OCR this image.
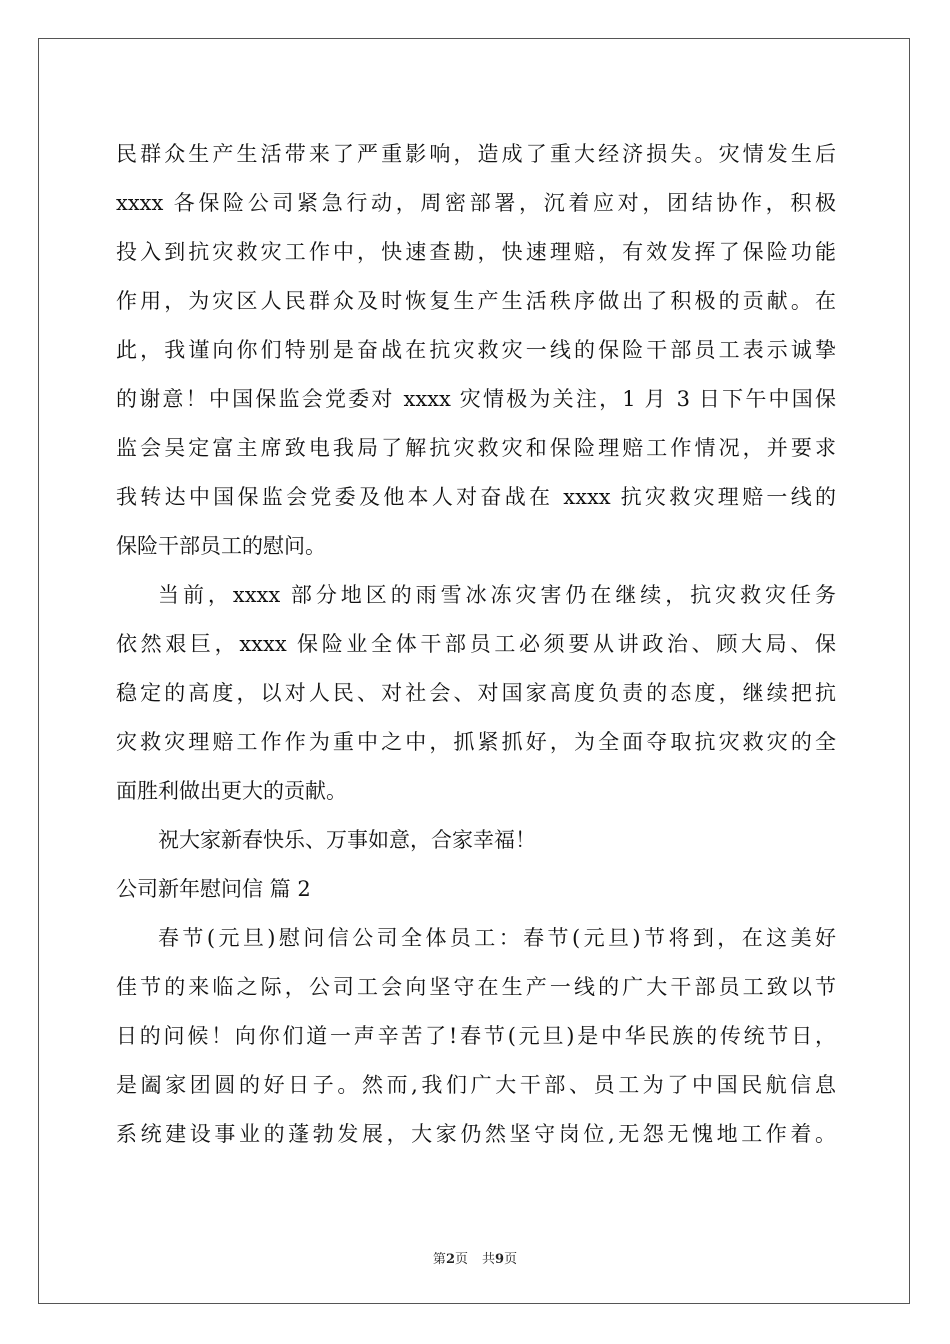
民群众生产生活带来了严重影响，造成了重大经济损失。灾情发生后
xxxx 各保险公司紧急行动，周密部署，沉着应对，团结协作，积极
投入到抗灾救灾工作中，快速查勘，快速理赔，有效发挥了保险功能
作用，为灾区人民群众及时恢复生产生活秩序做出了积极的贡献。在
此，我谨向你们特别是奋战在抗灾救灾一线的保险干部员工表示诚挚
的谢意！中国保监会党委对 xxxx 灾情极为关注，1 月 3 日下午中国保
监会吴定富主席致电我局了解抗灾救灾和保险理赔工作情况，并要求
我转达中国保监会党委及他本人对奋战在 xxxx 抗灾救灾理赔一线的
保险干部员工的慰问。
当前，xxxx 部分地区的雨雪冰冻灾害仍在继续，抗灾救灾任务
依然艰巨，xxxx 保险业全体干部员工必须要从讲政治、顾大局、保
稳定的高度，以对人民、对社会、对国家高度负责的态度，继续把抗
灾救灾理赔工作作为重中之中，抓紧抓好，为全面夺取抗灾救灾的全
面胜利做出更大的贡献。
祝大家新春快乐、万事如意，合家幸福！
公司新年慰问信 篇 2
春节(元旦)慰问信公司全体员工：春节(元旦)节将到，在这美好
佳节的来临之际，公司工会向坚守在生产一线的广大干部员工致以节
日的问候！向你们道一声辛苦了!春节(元旦)是中华民族的传统节日，
是阖家团圆的好日子。然而,我们广大干部、员工为了中国民航信息
系统建设事业的蓬勃发展，大家仍然坚守岗位,无怨无愧地工作着。
第2页 共9页
